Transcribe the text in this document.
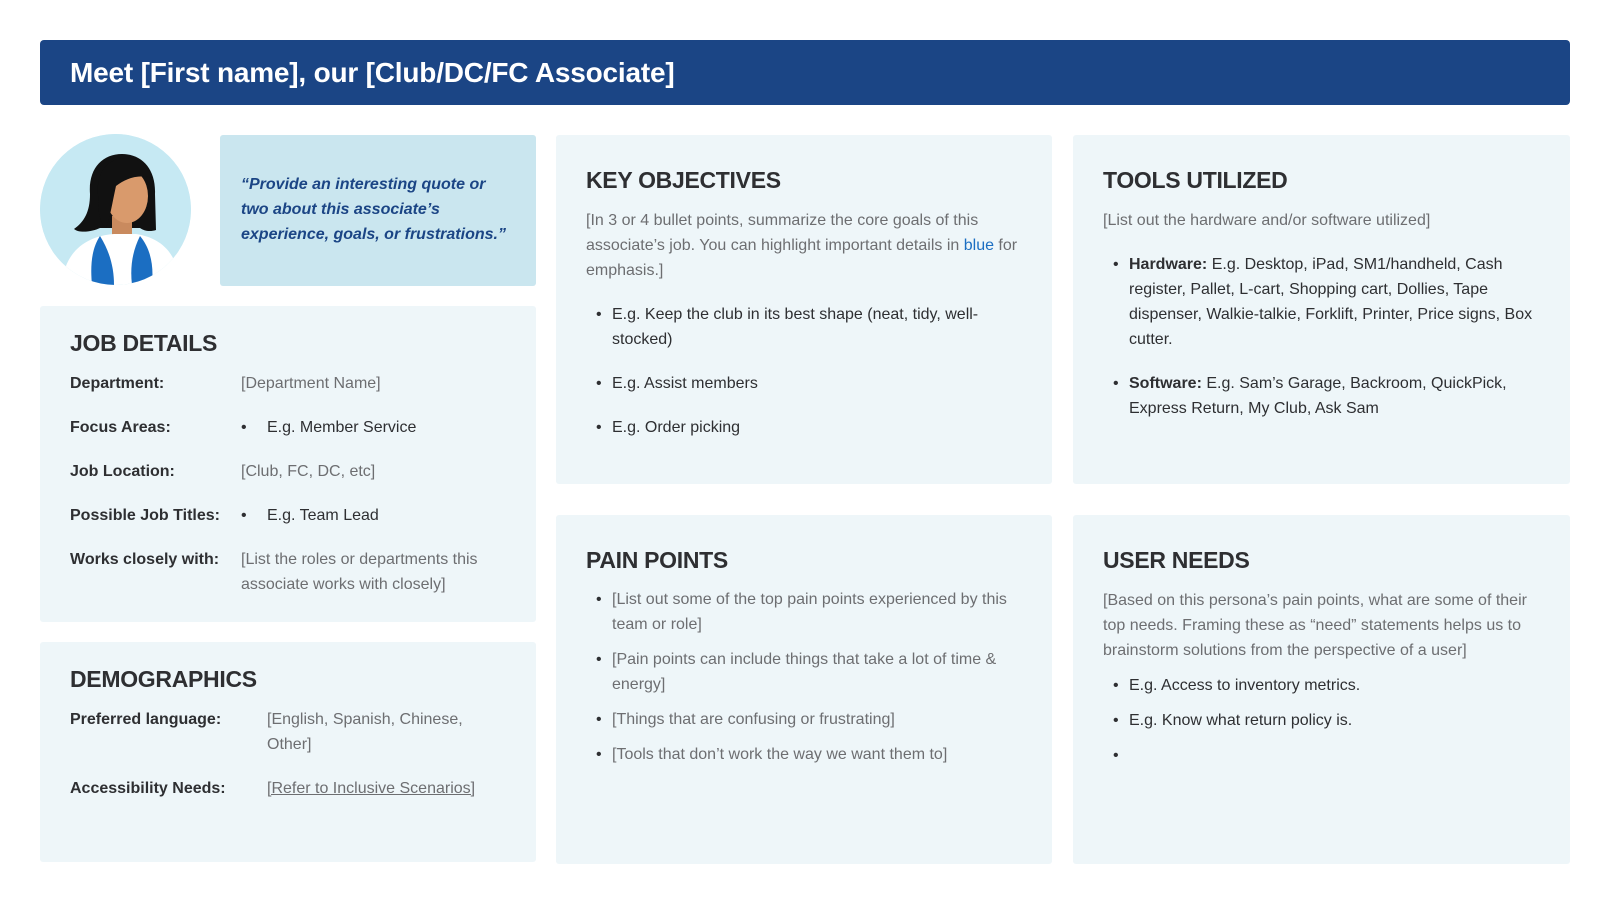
Meet [First name], our [Club/DC/FC Associate]

“Provide an interesting quote or two about this associate’s experience, goals, or frustrations.”

JOB DETAILS
Department:	[Department Name]
Focus Areas:	• E.g. Member Service
Job Location:	[Club, FC, DC, etc]
Possible Job Titles:	• E.g. Team Lead
Works closely with:	[List the roles or departments this associate works with closely]
DEMOGRAPHICS
Preferred language:	[English, Spanish, Chinese, Other]
Accessibility Needs:	[Refer to Inclusive Scenarios]
KEY OBJECTIVES

[In 3 or 4 bullet points, summarize the core goals of this associate’s job. You can highlight important details in blue for emphasis.]

• E.g. Keep the club in its best shape (neat, tidy, well-stocked)
• E.g. Assist members
• E.g. Order picking
TOOLS UTILIZED

[List out the hardware and/or software utilized]

• Hardware: E.g. Desktop, iPad, SM1/handheld, Cash register, Pallet, L-cart, Shopping cart, Dollies, Tape dispenser, Walkie-talkie, Forklift, Printer, Price signs, Box cutter.
• Software: E.g. Sam’s Garage, Backroom, QuickPick, Express Return, My Club, Ask Sam
PAIN POINTS
• [List out some of the top pain points experienced by this team or role]
• [Pain points can include things that take a lot of time & energy]
• [Things that are confusing or frustrating]
• [Tools that don’t work the way we want them to]
USER NEEDS

[Based on this persona’s pain points, what are some of their top needs. Framing these as “need” statements helps us to brainstorm solutions from the perspective of a user]

• E.g. Access to inventory metrics.
• E.g. Know what return policy is.
•
